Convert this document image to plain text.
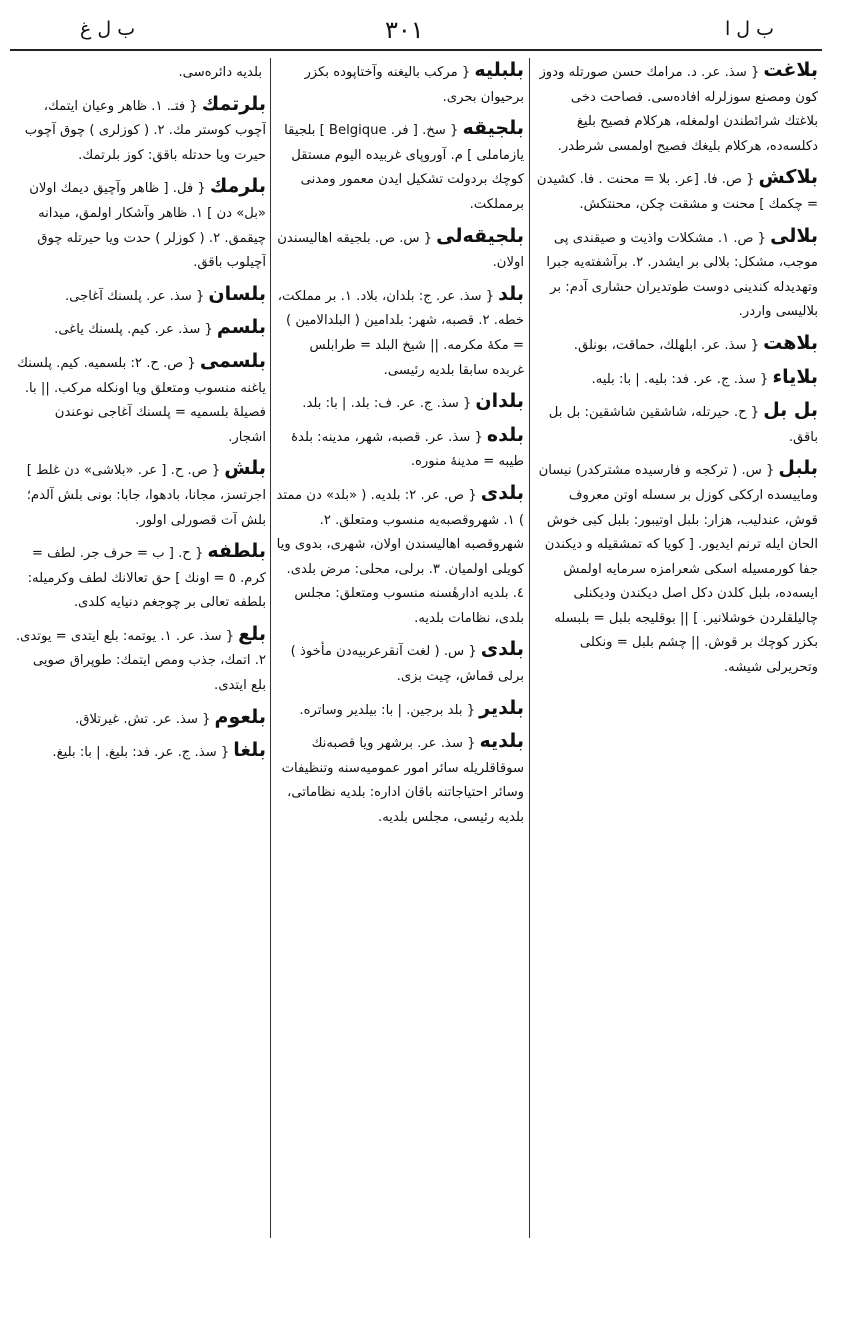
ب ل غ	٣٠١	ب ل ا
بلاغت{ سذ. عر. د. مرامك حسن صورتله ودوز كون ومصنع سوزلرله افاده‌سی. فصاحت دخی بلاغتك شرائطندن اولمغله، هركلام فصیح بلیغ دكلسه‌ده، هركلام بلیغك فصیح اولمسی شرطدر.
بلاكش{ ص. فا. [عر. بلا = محنت . فا. كشیدن = چكمك ] محنت و مشقت چكن، محنتكش.
بلالی{ ص. ١. مشكلات واذیت و صیقندی پی موجب، مشكل: بلالی بر ایشدر. ٢. برآشفته‌یه جبرا وتهدیدله كندینی دوست طوتدیران حشاری آدم: بر بلالیسی واردر.
بلاهت{ سذ. عر. ابلهلك، حماقت، بونلق.
بلایاء{ سذ. ج. عر. فد: بلیه. | با: بلیه.
بل بل{ ح. حیرتله، شاشقین شاشقین: بل بل باقق.
بلبل{ س. ( تركجه و فارسیده مشتركدر) نیسان وماییسده ارككی كوزل بر سسله اوتن معروف قوش، عندلیب، هزار: بلبل اوتیبور: بلبل كبی خوش الحان ایله ترنم ایدیور. [ كویا كه تمشقیله و دیكندن جفا كورمسیله اسكی شعرامزه سرمایه اولمش ایسه‌ده، بلبل كلدن دكل اصل دیكندن ودیكنلی چالیلقلردن خوشلانیر. ] || بوقلیجه بلبل = بلبسله بكزر كوچك بر قوش. || چشم بلبل = ونكلی وتحریرلی شیشه.
بلبلیه{ مركب بالیغنه وآختاپوده بكزر برحیوان بحری.
بلجیقه{ سخ. [ فر. Belgique ] بلجیقا یازماملی ] م. آوروپای غربیده الیوم مستقل كوچك بردولت تشكیل ایدن معمور ومدنی برمملكت.
بلجیقه‌لی{ س. ص. بلجیقه اهالیسندن اولان.
بلد{ سذ. عر. ج: بلدان، بلاد. ١. بر مملكت، خطه. ٢. قصبه، شهر: بلدامین ( البلدالامین ) = مكهٔ مكرمه. || شیخ البلد = طرابلس غربده سابقا بلدیه رئیسی.
بلدان{ سذ. ج. عر. ف: بلد. | با: بلد.
بلده{ سذ. عر. قصبه، شهر، مدینه: بلدهٔ طیبه = مدینهٔ منوره.
بلدی{ ص. عر. ٢: بلدیه. ( «بلد» دن ممتد ) ١. شهروقصبه‌یه منسوب ومتعلق. ٢. شهروقصبه اهالیسندن اولان، شهری، بدوی ویا كویلی اولمیان. ٣. برلی، محلی: مرض بلدی. ٤. بلدیه ادارهٔسنه منسوب ومتعلق: مجلس بلدی، نظامات بلدیه.
بلدی{ س. ( لغت آنقرعربیه‌دن مأخوذ ) برلی قماش، چیت بزی.
بلدیر{ بلد برجین. | با: بیلدیر وساتره.
بلدیه{ سذ. عر. برشهر ویا قصبه‌نك سوقاقلریله سائر امور عمومیه‌سنه وتنظیفات وسائر احتیاجاتنه باقان اداره: بلدیه نظاماتی، بلدیه رئیسی، مجلس بلدیه.
بلدیه دائره‌سی.
بلرتمك{ فتـ. ١. ظاهر وعیان ایتمك، آچوب كوستر مك. ٢. ( كوزلری ) چوق آچوب حیرت ویا حدتله باقق: كوز بلرتمك.
بلرمك{ فل. [ ظاهر وآچیق دیمك اولان «بل» دن ] ١. ظاهر وآشكار اولمق، میدانه چیقمق. ٢. ( كوزلر ) حدت ویا حیرتله چوق آچیلوب باقق.
بلسان{ سذ. عر. پلسنك آغاجی.
بلسم{ سذ. عر. كیم. پلسنك یاغی.
بلسمی{ ص. ح. ٢: بلسمیه. كیم. پلسنك یاغنه منسوب ومتعلق ویا اونكله مركب. || با. فصیلهٔ بلسمیه = پلسنك آغاجی نوعندن اشجار.
بلش{ ص. ح. [ عر. «بلاشی» دن غلط ] اجرتسز، مجانا، بادهوا، جابا: بونی بلش آلدم؛ بلش آت قصورلی اولور.
بلطفه{ ح. [ ب = حرف جر. لطف = كرم. ٥ = اونك ] حق تعالانك لطف وكرمیله: بلطفه تعالی بر چوجغم دنیایه كلدی.
بلع{ سذ. عر. ١. یوتمه: بلع ایتدی = یوتدی. ٢. اتمك، جذب ومص ایتمك: طوپراق صویی بلع ایتدی.
بلعوم{ سذ. عر. تش. غیرتلاق.
بلغا{ سذ. ج. عر. فد: بلیغ. | با: بلیغ.
